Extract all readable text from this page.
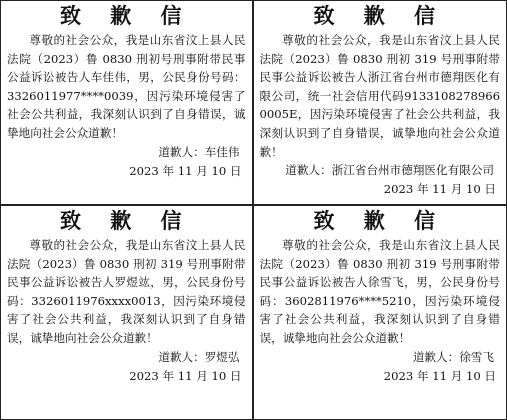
致 歉 信

尊敬的社会公众，我是山东省汶上县人民法院（2023）鲁 0830 刑初号刑事附带民事公益诉讼被告人车佳伟，男，公民身份号码：3326011977****0039，因污染环境侵害了社会公共利益，我深刻认识到了自身错误，诚挚地向社会公众道歉！

道歉人：车佳伟
2023 年 11 月 10 日
致 歉 信

尊敬的社会公众，我是山东省汶上县人民法院（2023）鲁 0830 刑初 319 号刑事附带民事公益诉讼被告人浙江省台州市德翔医化有限公司，统一社会信用代码91331082789660005E，因污染环境侵害了社会公共利益，我深刻认识到了自身错误，诚挚地向社会公众道歉！

道歉人：浙江省台州市德翔医化有限公司
2023 年 11 月 10 日
致 歉 信

尊敬的社会公众，我是山东省汶上县人民法院（2023）鲁 0830 刑初 319 号刑事附带民事公益诉讼被告人罗煜竑，男，公民身份号码：3326011976xxxx0013，因污染环境侵害了社会公共利益，我深刻认识到了自身错误，诚挚地向社会公众道歉！

道歉人：罗煜弘
2023 年 11 月 10 日
致 歉 信

尊敬的社会公众，我是山东省汶上县人民法院（2023）鲁 0830 刑初 319 号刑事附带民事公益诉讼被告人徐雪飞，男，公民身份号码：3602811976****5210，因污染环境侵害了社会公共利益，我深刻认识到了自身错误，诚挚地向社会公众道歉！

道歉人：徐雪飞
2023 年 11 月 10 日
